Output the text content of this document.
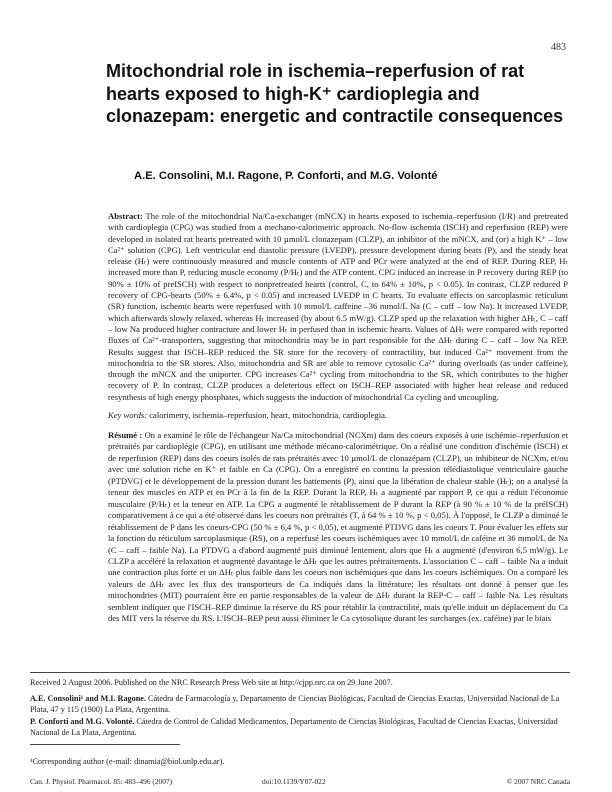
483
Mitochondrial role in ischemia–reperfusion of rat hearts exposed to high-K⁺ cardioplegia and clonazepam: energetic and contractile consequences
A.E. Consolini, M.I. Ragone, P. Conforti, and M.G. Volonté

Abstract: The role of the mitochondrial Na/Ca-exchanger (mNCX) in hearts exposed to ischemia–reperfusion (I/R) and pretreated with cardioplegia (CPG) was studied from a mechano-calorimetric approach. No-flow ischemia (ISCH) and reperfusion (REP) were developed in isolated rat hearts pretreated with 10 µmol/L clonazepam (CLZP), an inhibitor of the mNCX, and (or) a high K⁺ – low Ca²⁺ solution (CPG). Left ventricular end diastolic pressure (LVEDP), pressure development during beats (P), and the steady heat release (Hₜ) were continuously measured and muscle contents of ATP and PCr were analyzed at the end of REP. During REP, Hₜ increased more than P, reducing muscle economy (P/Hₜ) and the ATP content. CPG induced an increase in P recovery during REP (to 90% ± 10% of preISCH) with respect to nonpretreated hearts (control, C, to 64% ± 10%, p < 0.05). In contrast, CLZP reduced P recovery of CPG-hearts (50% ± 6.4%, p < 0.05) and increased LVEDP in C hearts. To evaluate effects on sarcoplasmic reticulum (SR) function, ischemic hearts were reperfused with 10 mmol/L caffeine –36 mmol/L Na (C – caff – low Na). It increased LVEDP, which afterwards slowly relaxed, whereas Hₜ increased (by about 6.5 mW/g). CLZP sped up the relaxation with higher ΔHₜ, C – caff – low Na produced higher contracture and lower Hₜ in perfused than in ischemic hearts. Values of ΔHₜ were compared with reported fluxes of Ca²⁺-transporters, suggesting that mitochondria may be in part responsible for the ΔHₜ during C – caff – low Na REP. Results suggest that ISCH–REP reduced the SR store for the recovery of contractility, but induced Ca²⁺ movement from the mitochondria to the SR stores. Also, mitochondria and SR are able to remove cytosolic Ca²⁺ during overloads (as under caffeine), through the mNCX and the uniporter. CPG increases Ca²⁺ cycling from mitochondria to the SR, which contributes to the higher recovery of P. In contrast, CLZP produces a deleterious effect on ISCH–REP associated with higher heat release and reduced resynthesis of high energy phosphates, which suggests the induction of mitochondrial Ca cycling and uncoupling.

Key words: calorimetry, ischemia–reperfusion, heart, mitochondria, cardioplegia.

Résumé : On a examiné le rôle de l'échangeur Na/Ca mitochondrial (NCXm) dans des coeurs exposés à une ischémie–reperfusion et prétraités par cardioplégie (CPG), en utilisant une méthode mécano-calorimétrique. On a réalisé une condition d'ischémie (ISCH) et de reperfusion (REP) dans des coeurs isolés de rats prétraités avec 10 µmol/L de clonazépam (CLZP), un inhibiteur de NCXm, et/ou avec une solution riche en K⁺ et faible en Ca (CPG). On a enregistré en continu la pression télédiastolique ventriculaire gauche (PTDVG) et le développement de la pression durant les battements (P), ainsi que la libération de chaleur stable (Hₜ); on a analysé la teneur des muscles en ATP et en PCr à la fin de la REP. Durant la REP, Hₜ a augmenté par rapport P, ce qui a réduit l'économie musculaire (P/Hₜ) et la teneur en ATP. La CPG a augmenté le rétablissement de P durant la REP (à 90 % ± 10 % de la préISCH) comparativement à ce qui a été observé dans les coeurs non prétraités (T, à 64 % ± 10 %, p < 0,05). À l'opposé, le CLZP a diminué le rétablissement de P dans les coeurs-CPG (50 % ± 6,4 %, p < 0,05), et augmenté PTDVG dans les coeurs T. Pour évaluer les effets sur la fonction du réticulum sarcoplasmique (RS), on a reperfusé les coeurs ischémiques avec 10 mmol/L de caféine et 36 mmol/L de Na (C – caff – faible Na). La PTDVG a d'abord augmenté puis diminué lentement, alors que Hₜ a augmenté (d'environ 6,5 mW/g). Le CLZP a accéléré la relaxation et augmenté davantage le ΔHₜ que les autres prétraitements. L'association C – caff – faible Na a induit une contraction plus forte et un ΔHₜ plus faible dans les coeurs non ischémiques que dans les coeurs ischémiques. On a comparé les valeurs de ΔHₜ avec les flux des transporteurs de Ca indiqués dans la littérature; les résultats ont donné à penser que les mitochondries (MIT) pourraient être en partie responsables de la valeur de ΔHₜ durant la REP-C – caff – faible Na. Les résultats semblent indiquer que l'ISCH–REP diminue la réserve du RS pour rétablir la contractilité, mais qu'elle induit un déplacement du Ca des MIT vers la réserve du RS. L'ISCH–REP peut aussi éliminer le Ca cytosolique durant les surcharges (ex. caféine) par le biais

Received 2 August 2006. Published on the NRC Research Press Web site at http://cjpp.nrc.ca on 29 June 2007.

A.E. Consolini¹ and M.I. Ragone. Cátedra de Farmacología y, Departamento de Ciencias Biológicas, Facultad de Ciencias Exactas, Universidad Nacional de La Plata, 47 y 115 (1900) La Plata, Argentina.

P. Conforti and M.G. Volonté. Cátedra de Control de Calidad Medicamentos, Departamento de Ciencias Biológicas, Facultad de Ciencias Exactas, Universidad Nacional de La Plata, Argentina.

¹Corresponding author (e-mail: dinamia@biol.unlp.edu.ar).

Can. J. Physiol. Pharmacol. 85: 483–496 (2007)	doi:10.1139/Y07-022	© 2007 NRC Canada
